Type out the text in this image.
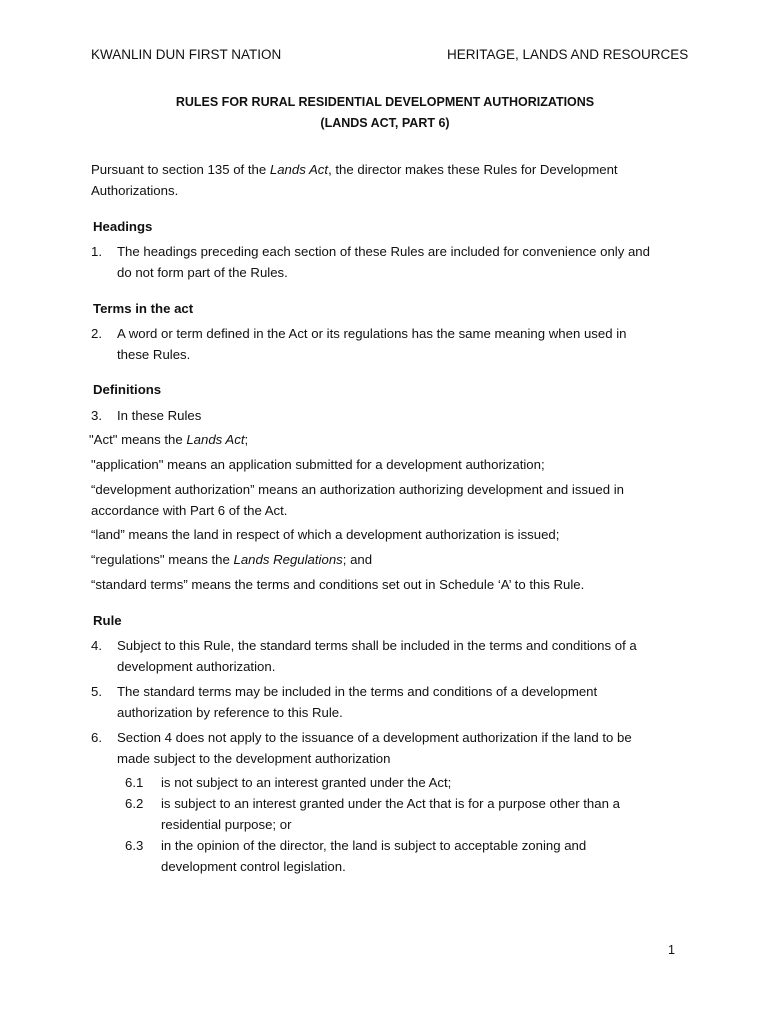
KWANLIN DUN FIRST NATION	HERITAGE, LANDS AND RESOURCES
RULES FOR RURAL RESIDENTIAL DEVELOPMENT AUTHORIZATIONS
(LANDS ACT, PART 6)
Pursuant to section 135 of the Lands Act, the director makes these Rules for Development
Authorizations.
Headings
1. The headings preceding each section of these Rules are included for convenience only and
do not form part of the Rules.
Terms in the act
2. A word or term defined in the Act or its regulations has the same meaning when used in
these Rules.
Definitions
3. In these Rules
"Act" means the Lands Act;
"application" means an application submitted for a development authorization;
“development authorization” means an authorization authorizing development and issued in
accordance with Part 6 of the Act.
“land” means the land in respect of which a development authorization is issued;
“regulations" means the Lands Regulations; and
“standard terms” means the terms and conditions set out in Schedule ‘A’ to this Rule.
Rule
4. Subject to this Rule, the standard terms shall be included in the terms and conditions of a
development authorization.
5. The standard terms may be included in the terms and conditions of a development
authorization by reference to this Rule.
6. Section 4 does not apply to the issuance of a development authorization if the land to be
made subject to the development authorization
6.1 is not subject to an interest granted under the Act;
6.2 is subject to an interest granted under the Act that is for a purpose other than a
residential purpose; or
6.3 in the opinion of the director, the land is subject to acceptable zoning and
development control legislation.
1
